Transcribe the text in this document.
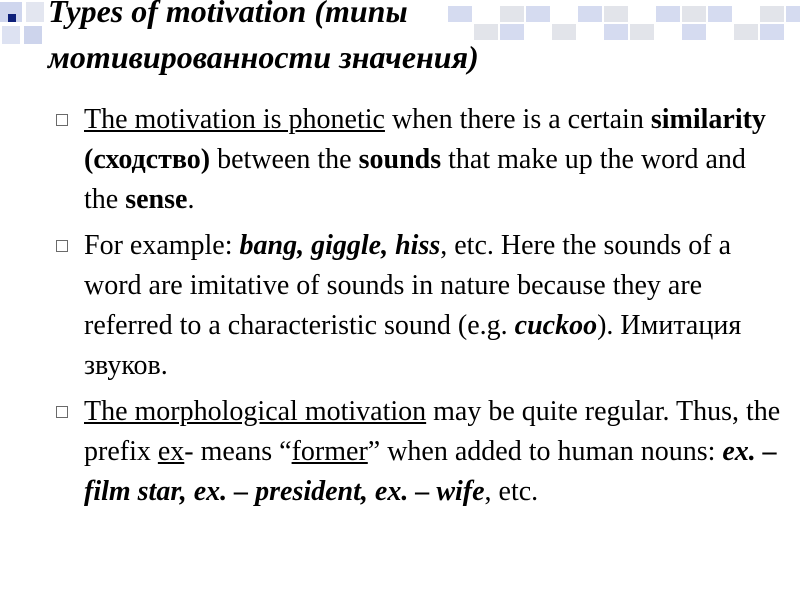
Types of motivation (типы
мотивированности значения)
The motivation is phonetic when there is a certain similarity (сходство) between the sounds that make up the word and the sense.
For example: bang, giggle, hiss, etc. Here the sounds of a word are imitative of sounds in nature because they are referred to a characteristic sound (e.g. cuckoo). Имитация звуков.
The morphological motivation may be quite regular. Thus, the prefix ex- means “former” when added to human nouns: ex. – film star, ex. – president, ex. – wife, etc.
